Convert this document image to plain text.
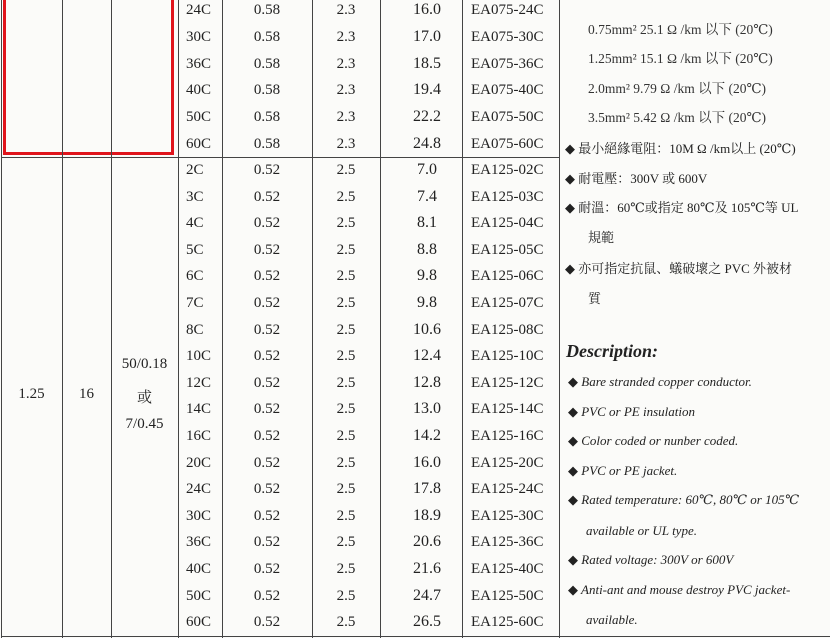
24C	0.58	2.3	16.0	EA075-24C
30C	0.58	2.3	17.0	EA075-30C
36C	0.58	2.3	18.5	EA075-36C
40C	0.58	2.3	19.4	EA075-40C
50C	0.58	2.3	22.2	EA075-50C
60C	0.58	2.3	24.8	EA075-60C
1.25	16
50/0.18
或
7/0.45
2C	0.52	2.5	7.0	EA125-02C
3C	0.52	2.5	7.4	EA125-03C
4C	0.52	2.5	8.1	EA125-04C
5C	0.52	2.5	8.8	EA125-05C
6C	0.52	2.5	9.8	EA125-06C
7C	0.52	2.5	9.8	EA125-07C
8C	0.52	2.5	10.6	EA125-08C
10C	0.52	2.5	12.4	EA125-10C
12C	0.52	2.5	12.8	EA125-12C
14C	0.52	2.5	13.0	EA125-14C
16C	0.52	2.5	14.2	EA125-16C
20C	0.52	2.5	16.0	EA125-20C
24C	0.52	2.5	17.8	EA125-24C
30C	0.52	2.5	18.9	EA125-30C
36C	0.52	2.5	20.6	EA125-36C
40C	0.52	2.5	21.6	EA125-40C
50C	0.52	2.5	24.7	EA125-50C
60C	0.52	2.5	26.5	EA125-60C
0.75mm² 25.1 Ω /km 以下 (20℃)
1.25mm² 15.1 Ω /km 以下 (20℃)
2.0mm² 9.79 Ω /km 以下 (20℃)
3.5mm² 5.42 Ω /km 以下 (20℃)
◆ 最小絕緣電阻：10M Ω /km以上 (20℃)
◆ 耐電壓：300V 或 600V
◆ 耐溫：60℃或指定 80℃及 105℃等 UL
規範
◆ 亦可指定抗鼠、蟻破壞之 PVC 外被材
質
Description:
◆ Bare stranded copper conductor.
◆ PVC or PE insulation
◆ Color coded or nunber coded.
◆ PVC or PE jacket.
◆ Rated temperature: 60℃, 80℃ or 105℃
available or UL type.
◆ Rated voltage: 300V or 600V
◆ Anti-ant and mouse destroy PVC jacket-
available.
